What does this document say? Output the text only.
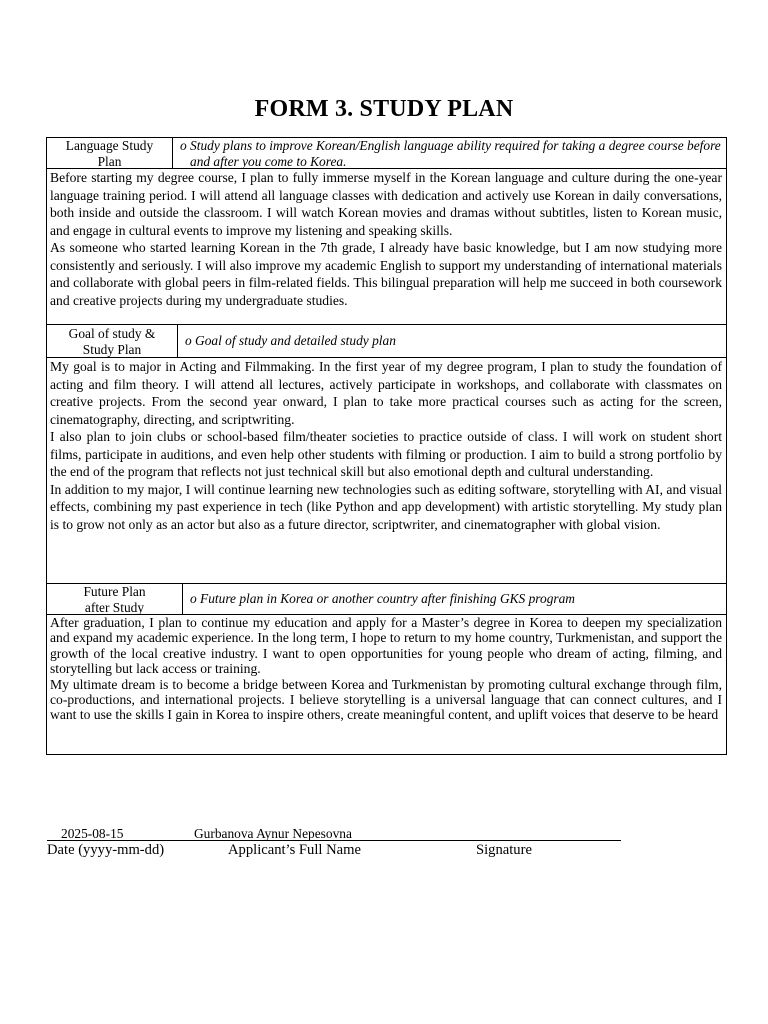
FORM 3. STUDY PLAN
Language Study Plan
o Study plans to improve Korean/English language ability required for taking a degree course before and after you come to Korea.

Before starting my degree course, I plan to fully immerse myself in the Korean language and culture during the one-year language training period. I will attend all language classes with dedication and actively use Korean in daily conversations, both inside and outside the classroom. I will watch Korean movies and dramas without subtitles, listen to Korean music, and engage in cultural events to improve my listening and speaking skills.

As someone who started learning Korean in the 7th grade, I already have basic knowledge, but I am now studying more consistently and seriously. I will also improve my academic English to support my understanding of international materials and collaborate with global peers in film-related fields. This bilingual preparation will help me succeed in both coursework and creative projects during my undergraduate studies.

Goal of study & Study Plan
o Goal of study and detailed study plan

My goal is to major in Acting and Filmmaking. In the first year of my degree program, I plan to study the foundation of acting and film theory. I will attend all lectures, actively participate in workshops, and collaborate with classmates on creative projects. From the second year onward, I plan to take more practical courses such as acting for the screen, cinematography, directing, and scriptwriting.

I also plan to join clubs or school-based film/theater societies to practice outside of class. I will work on student short films, participate in auditions, and even help other students with filming or production. I aim to build a strong portfolio by the end of the program that reflects not just technical skill but also emotional depth and cultural understanding.

In addition to my major, I will continue learning new technologies such as editing software, storytelling with AI, and visual effects, combining my past experience in tech (like Python and app development) with artistic storytelling. My study plan is to grow not only as an actor but also as a future director, scriptwriter, and cinematographer with global vision.

Future Plan after Study
o Future plan in Korea or another country after finishing GKS program

After graduation, I plan to continue my education and apply for a Master’s degree in Korea to deepen my specialization and expand my academic experience. In the long term, I hope to return to my home country, Turkmenistan, and support the growth of the local creative industry. I want to open opportunities for young people who dream of acting, filming, and storytelling but lack access or training.

My ultimate dream is to become a bridge between Korea and Turkmenistan by promoting cultural exchange through film, co-productions, and international projects. I believe storytelling is a universal language that can connect cultures, and I want to use the skills I gain in Korea to inspire others, create meaningful content, and uplift voices that deserve to be heard

2025-08-15	Gurbanova Aynur Nepesovna
Date (yyyy-mm-dd)	Applicant’s Full Name	Signature
